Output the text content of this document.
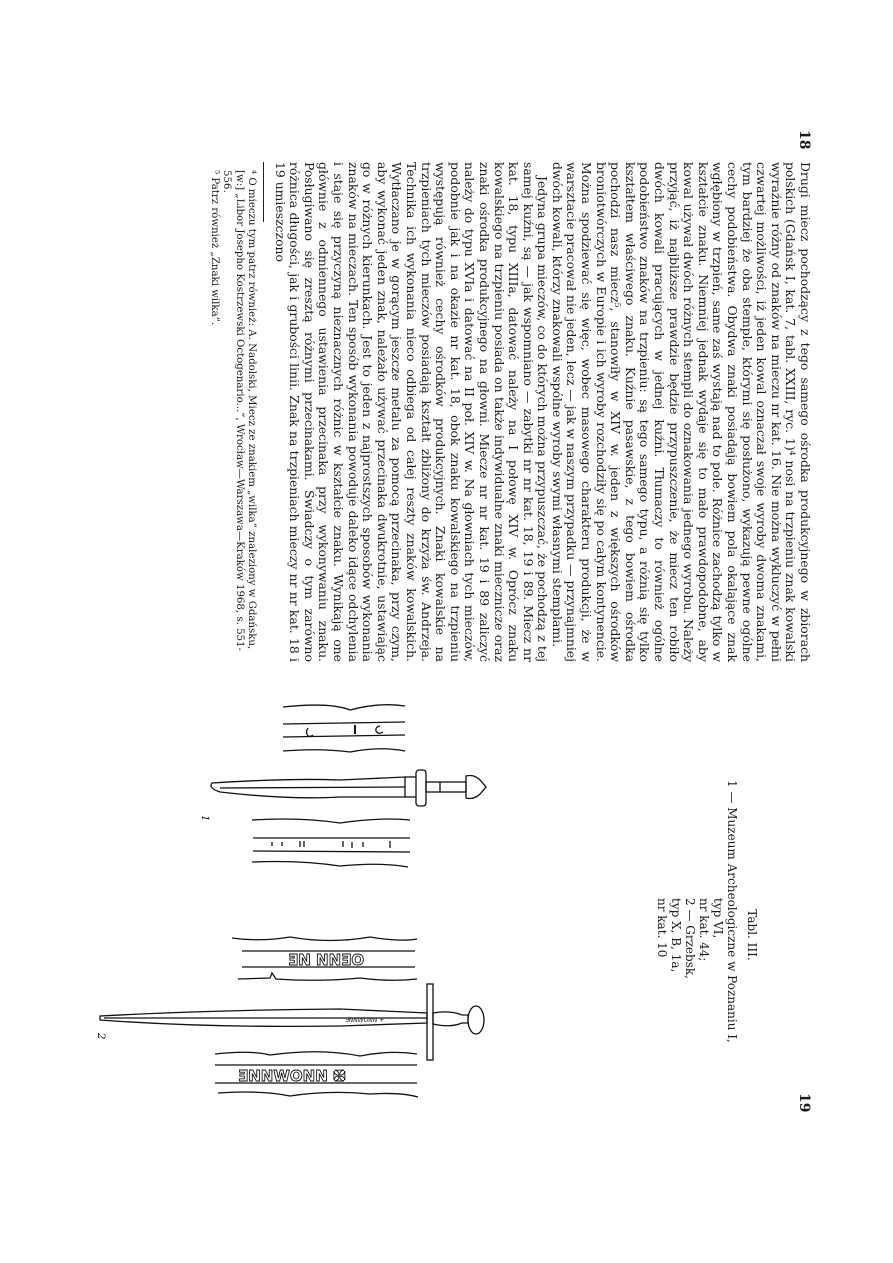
18
19

Drugi miecz pochodzący z tego samego ośrodka produkcyjnego w zbiorach polskich (Gdańsk I, kat. 7, tabl. XXIII, ryc. 1)⁴ nosi na trzpieniu znak kowalski wyraźnie różny od znaków na mieczu nr kat. 16. Nie można wykluczyć w pełni czwartej możliwości, iż jeden kowal oznaczał swoje wyroby dwoma znakami, tym bardziej że oba stemple, którymi się posłużono, wykazują pewne ogólne cechy podobieństwa. Obydwa znaki posiadają bowiem pola okalające znak wgłębiony w trzpień, same zaś wystają nad to pole. Różnice zachodzą tylko w kształcie znaku. Niemniej jednak wydaje się to mało prawdopodobne, aby kowal używał dwóch różnych stempli do oznakowania jednego wyrobu. Należy przyjąć, iż najbliższe prawdzie będzie przypuszczenie, że miecz ten robiło dwóch kowali pracujących w jednej kuźni. Tłumaczy to również ogólne podobieństwo znaków na trzpieniu: są tego samego typu, a różnią się tylko kształtem właściwego znaku. Kuźnie pasawskie, z tego bowiem ośrodka pochodzi nasz miecz⁵, stanowiły w XIV w. jeden z większych ośrodków broniotwórczych w Europie i ich wyroby rozchodziły się po całym kontynencie. Można spodziewać się więc, wobec masowego charakteru produkcji, że w warsztacie pracował nie jeden, lecz — jak w naszym przypadku — przynajmniej dwóch kowali, którzy znakowali wspólne wyroby swymi własnymi stemplami.

Jedyna grupa mieczów, co do których można przypuszczać, że pochodzą z tej samej kuźni, są — jak wspomniano — zabytki nr nr kat. 18, 19 i 89. Miecz nr kat. 18, typu XIIIa, datować należy na I połowę XIV w. Oprócz znaku kowalskiego na trzpieniu posiada on także indywidualne znaki miecznicze oraz znaki ośrodka produkcyjnego na głowni. Miecze nr nr kat. 19 i 89 zaliczyć należy do typu XVIa i datować na II poł. XIV w. Na głowniach tych mieczów, podobnie jak i na okazie nr kat. 18, obok znaku kowalskiego na trzpieniu występują również cechy ośrodków produkcyjnych. Znaki kowalskie na trzpieniach tych mieczów posiadają kształt zbliżony do krzyża św. Andrzeja. Technika ich wykonania nieco odbiega od całej reszty znaków kowalskich. Wytłaczano je w gorącym jeszcze metalu za pomocą przecinaka, przy czym, aby wykonać jeden znak, należało używać przecinaka dwukrotnie, ustawiając go w różnych kierunkach. Jest to jeden z najprostszych sposobów wykonania znaków na mieczach. Ten sposób wykonania powoduje daleko idące odchylenia i staje się przyczyną nieznacznych różnic w kształcie znaku. Wynikają one głównie z odmiennego ustawienia przecinaka przy wykonywaniu znaku. Posługiwano się zresztą różnymi przecinakami. Świadczy o tym zarówno różnica długości, jak i grubości linii. Znak na trzpieniach mieczy nr nr kat. 18 i 19 umieszczono

⁴ O mieczu tym patrz również: A. Nadolski, Miecz ze znakiem „wilka” znaleziony w Gdańsku, [w:] „Libor Josepho Kostrzewski Octogenario...”, Wrocław—Warszawa—Kraków 1968, s. 551-556.

⁵ Patrz również „Znaki wilka”.

Tabl. III.
1 — Muzeum Archeologiczne w Poznaniu I,
typ VI,
nr kat. 44;
2 — Grzebsk,
typ X, B, 1a,
nr kat. 10
1
ƎN NNƎO
ƎNNWONN ✠
ƎNNWONN +
2
